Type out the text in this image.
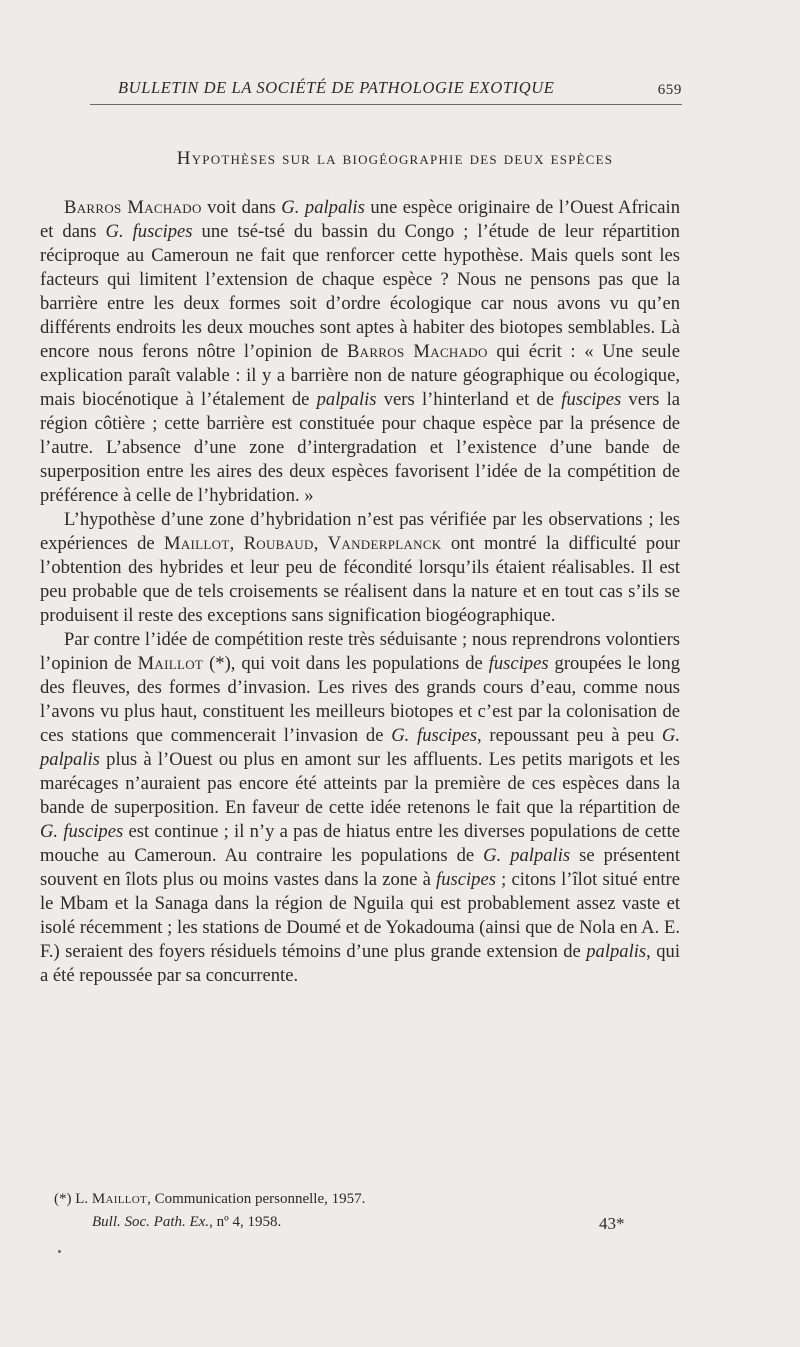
BULLETIN DE LA SOCIÉTÉ DE PATHOLOGIE EXOTIQUE	659
Hypothèses sur la biogéographie des deux espèces

Barros Machado voit dans G. palpalis une espèce originaire de l’Ouest Africain et dans G. fuscipes une tsé-tsé du bassin du Congo ; l’étude de leur répartition réciproque au Cameroun ne fait que renforcer cette hypothèse. Mais quels sont les facteurs qui limitent l’extension de chaque espèce ? Nous ne pensons pas que la barrière entre les deux formes soit d’ordre écologique car nous avons vu qu’en différents endroits les deux mouches sont aptes à habiter des biotopes semblables. Là encore nous ferons nôtre l’opinion de Barros Machado qui écrit : « Une seule explication paraît valable : il y a barrière non de nature géographique ou écologique, mais biocénotique à l’étalement de palpalis vers l’hinterland et de fuscipes vers la région côtière ; cette barrière est constituée pour chaque espèce par la présence de l’autre. L’absence d’une zone d’intergradation et l’existence d’une bande de superposition entre les aires des deux espèces favorisent l’idée de la compétition de préférence à celle de l’hybridation. »

L’hypothèse d’une zone d’hybridation n’est pas vérifiée par les observations ; les expériences de Maillot, Roubaud, Vanderplanck ont montré la difficulté pour l’obtention des hybrides et leur peu de fécondité lorsqu’ils étaient réalisables. Il est peu probable que de tels croisements se réalisent dans la nature et en tout cas s’ils se produisent il reste des exceptions sans signification biogéographique.

Par contre l’idée de compétition reste très séduisante ; nous reprendrons volontiers l’opinion de Maillot (*), qui voit dans les populations de fuscipes groupées le long des fleuves, des formes d’invasion. Les rives des grands cours d’eau, comme nous l’avons vu plus haut, constituent les meilleurs biotopes et c’est par la colonisation de ces stations que commencerait l’invasion de G. fuscipes, repoussant peu à peu G. palpalis plus à l’Ouest ou plus en amont sur les affluents. Les petits marigots et les marécages n’auraient pas encore été atteints par la première de ces espèces dans la bande de superposition. En faveur de cette idée retenons le fait que la répartition de G. fuscipes est continue ; il n’y a pas de hiatus entre les diverses populations de cette mouche au Cameroun. Au contraire les populations de G. palpalis se présentent souvent en îlots plus ou moins vastes dans la zone à fuscipes ; citons l’îlot situé entre le Mbam et la Sanaga dans la région de Nguila qui est probablement assez vaste et isolé récemment ; les stations de Doumé et de Yokadouma (ainsi que de Nola en A. E. F.) seraient des foyers résiduels témoins d’une plus grande extension de palpalis, qui a été repoussée par sa concurrente.

(*) L. Maillot, Communication personnelle, 1957.
Bull. Soc. Path. Ex., nº 4, 1958.	43*
